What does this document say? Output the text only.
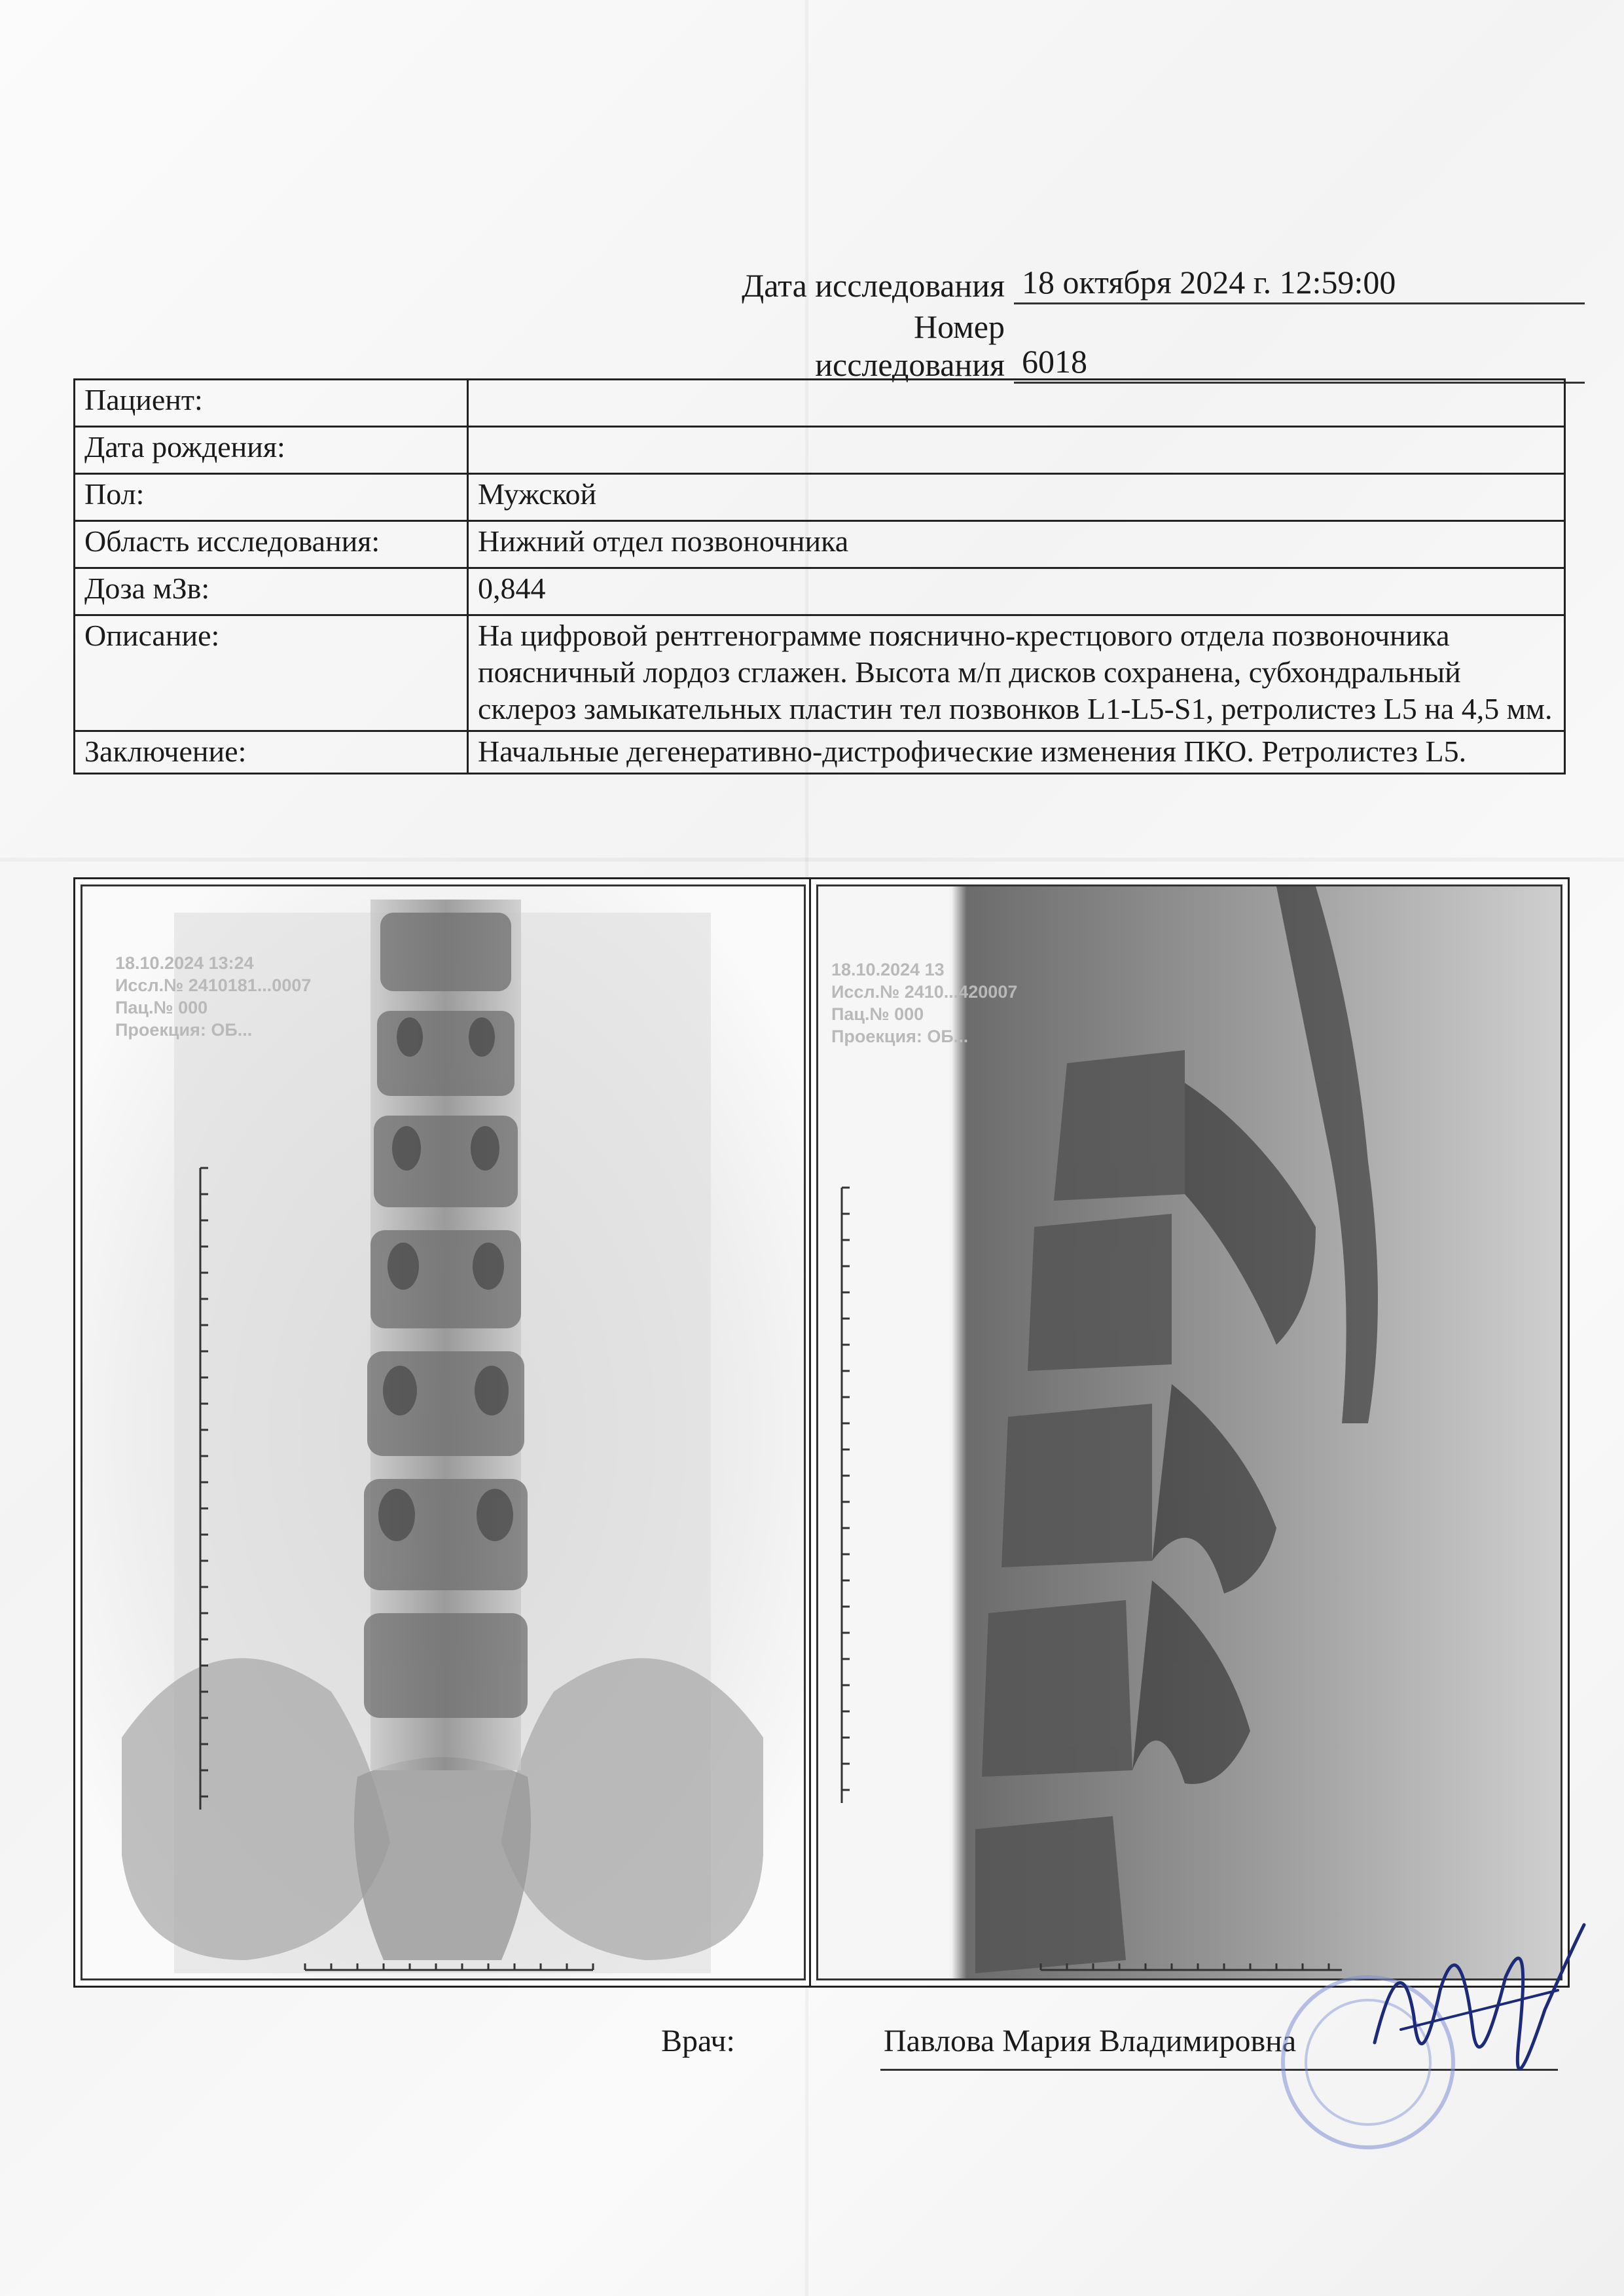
Дата исследования 18 октября 2024 г. 12:59:00
Номер исследования 6018
Пациент:	
Дата рождения:	
Пол:	Мужской
Область исследования:	Нижний отдел позвоночника
Доза мЗв:	0,844
Описание:	На цифровой рентгенограмме пояснично-крестцового отдела позвоночника поясничный лордоз сглажен. Высота м/п дисков сохранена, субхондральный склероз замыкательных пластин тел позвонков L1-L5-S1, ретролистез L5 на 4,5 мм.
Заключение:	Начальные дегенеративно-дистрофические изменения ПКО. Ретролистез L5.
18.10.2024 13:24
Иссл.№ 2410181...0007
Пац.№ 000
Проекция: ОБ...
18.10.2024 13
Иссл.№ 2410...420007
Пац.№ 000
Проекция: ОБ...
Врач:	Павлова Мария Владимировна
